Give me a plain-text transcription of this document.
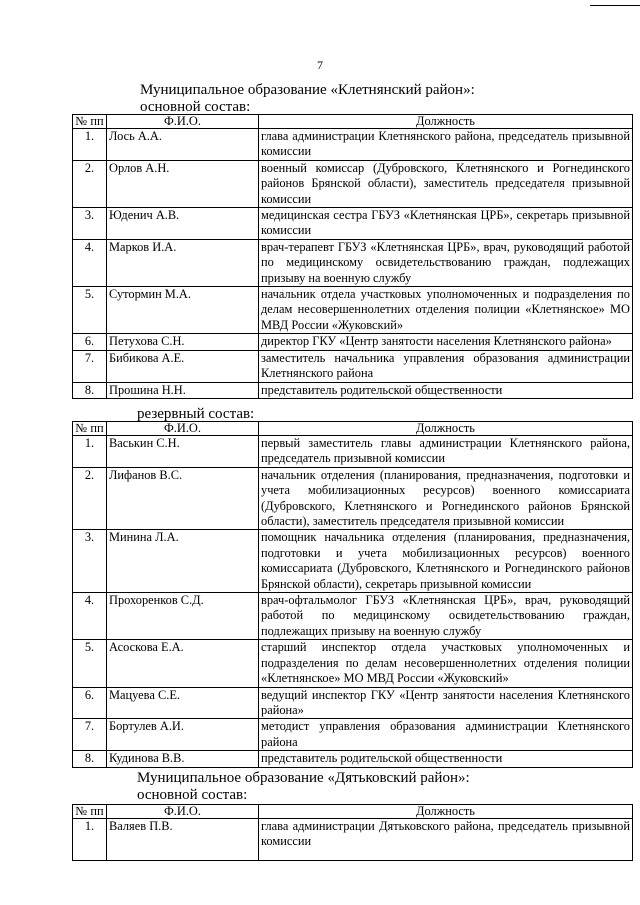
7
Муниципальное образование «Клетнянский район»:
основной состав:
№ пп	Ф.И.О.	Должность
1.	Лось А.А.	глава администрации Клетнянского района, председатель призывной комиссии
2.	Орлов А.Н.	военный комиссар (Дубровского, Клетнянского и Рогнединского районов Брянской области), заместитель председателя призывной комиссии
3.	Юденич А.В.	медицинская сестра ГБУЗ «Клетнянская ЦРБ», секретарь призывной комиссии
4.	Марков И.А.	врач-терапевт ГБУЗ «Клетнянская ЦРБ», врач, руководящий работой по медицинскому освидетельствованию граждан, подлежащих призыву на военную службу
5.	Сутормин М.А.	начальник отдела участковых уполномоченных и подразделения по делам несовершеннолетних отделения полиции «Клетнянское» МО МВД России «Жуковский»
6.	Петухова С.Н.	директор ГКУ «Центр занятости населения Клетнянского района»
7.	Бибикова А.Е.	заместитель начальника управления образования администрации Клетнянского района
8.	Прошина Н.Н.	представитель родительской общественности
резервный состав:
№ пп	Ф.И.О.	Должность
1.	Васькин С.Н.	первый заместитель главы администрации Клетнянского района, председатель призывной комиссии
2.	Лифанов В.С.	начальник отделения (планирования, предназначения, подготовки и учета мобилизационных ресурсов) военного комиссариата (Дубровского, Клетнянского и Рогнединского районов Брянской области), заместитель председателя призывной комиссии
3.	Минина Л.А.	помощник начальника отделения (планирования, предназначения, подготовки и учета мобилизационных ресурсов) военного комиссариата (Дубровского, Клетнянского и Рогнединского районов Брянской области), секретарь призывной комиссии
4.	Прохоренков С.Д.	врач-офтальмолог ГБУЗ «Клетнянская ЦРБ», врач, руководящий работой по медицинскому освидетельствованию граждан, подлежащих призыву на военную службу
5.	Асоскова Е.А.	старший инспектор отдела участковых уполномоченных и подразделения по делам несовершеннолетних отделения полиции «Клетнянское» МО МВД России «Жуковский»
6.	Мацуева С.Е.	ведущий инспектор ГКУ «Центр занятости населения Клетнянского района»
7.	Бортулев А.И.	методист управления образования администрации Клетнянского района
8.	Кудинова В.В.	представитель родительской общественности
Муниципальное образование «Дятьковский район»:
основной состав:
№ пп	Ф.И.О.	Должность
1.	Валяев П.В.	глава администрации Дятьковского района, председатель призывной комиссии
